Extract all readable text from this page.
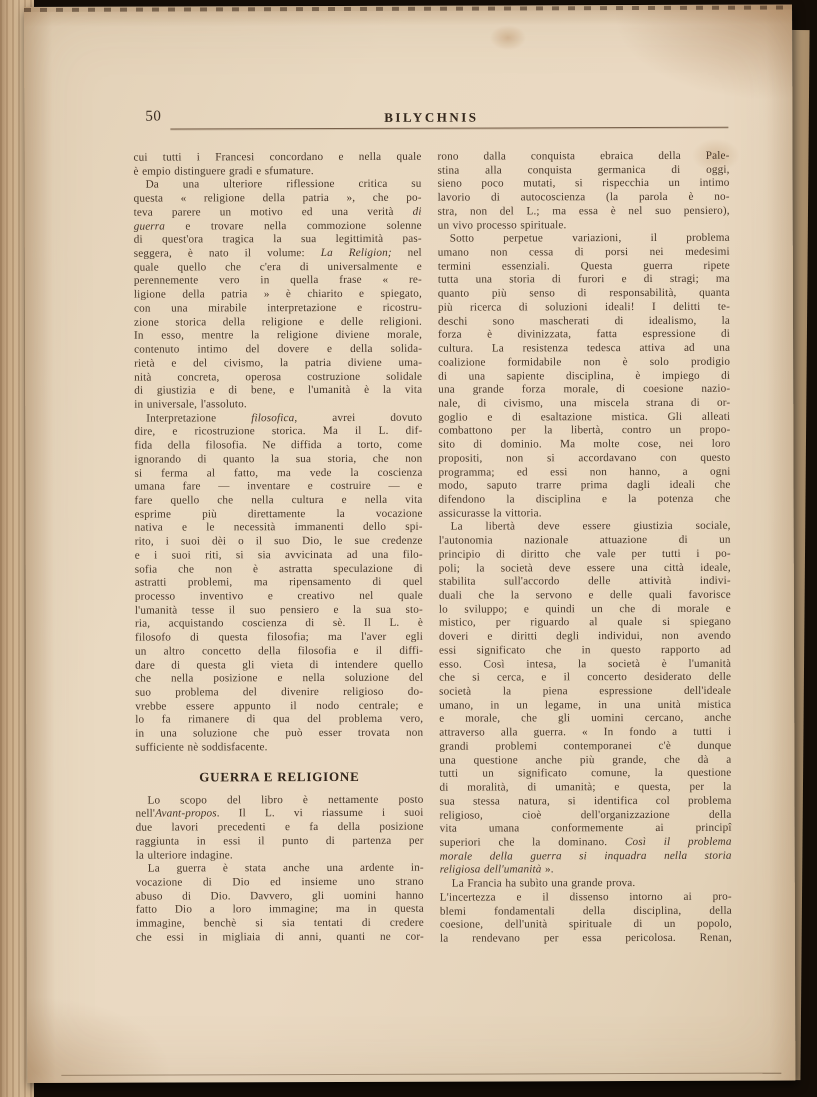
50	BILYCHNIS
cui tutti i Francesi concordano e nella quale
è empio distinguere gradi e sfumature.
Da una ulteriore riflessione critica su
questa « religione della patria », che po-
teva parere un motivo ed una verità di
guerra e trovare nella commozione solenne
di quest'ora tragica la sua legittimità pas-
seggera, è nato il volume: La Religion; nel
quale quello che c'era di universalmente e
perennemente vero in quella frase « re-
ligione della patria » è chiarito e spiegato,
con una mirabile interpretazione e ricostru-
zione storica della religione e delle religioni.
In esso, mentre la religione diviene morale,
contenuto intimo del dovere e della solida-
rietà e del civismo, la patria diviene uma-
nità concreta, operosa costruzione solidale
di giustizia e di bene, e l'umanità è la vita
in universale, l'assoluto.
Interpretazione filosofica, avrei dovuto
dire, e ricostruzione storica. Ma il L. dif-
fida della filosofia. Ne diffida a torto, come
ignorando di quanto la sua storia, che non
si ferma al fatto, ma vede la coscienza
umana fare — inventare e costruire — e
fare quello che nella cultura e nella vita
esprime più direttamente la vocazione
nativa e le necessità immanenti dello spi-
rito, i suoi dèi o il suo Dio, le sue credenze
e i suoi riti, si sia avvicinata ad una filo-
sofia che non è astratta speculazione di
astratti problemi, ma ripensamento di quel
processo inventivo e creativo nel quale
l'umanità tesse il suo pensiero e la sua sto-
ria, acquistando coscienza di sè. Il L. è
filosofo di questa filosofia; ma l'aver egli
un altro concetto della filosofia e il diffi-
dare di questa gli vieta di intendere quello
che nella posizione e nella soluzione del
suo problema del divenire religioso do-
vrebbe essere appunto il nodo centrale; e
lo fa rimanere di qua del problema vero,
in una soluzione che può esser trovata non
sufficiente nè soddisfacente.
GUERRA E RELIGIONE
Lo scopo del libro è nettamente posto
nell'Avant-propos. Il L. vi riassume i suoi
due lavori precedenti e fa della posizione
raggiunta in essi il punto di partenza per
la ulteriore indagine.
La guerra è stata anche una ardente in-
vocazione di Dio ed insieme uno strano
abuso di Dio. Davvero, gli uomini hanno
fatto Dio a loro immagine; ma in questa
immagine, benchè si sia tentati di credere
che essi in migliaia di anni, quanti ne cor-
rono dalla conquista ebraica della Pale-
stina alla conquista germanica di oggi,
sieno poco mutati, si rispecchia un intimo
lavorio di autocoscienza (la parola è no-
stra, non del L.; ma essa è nel suo pensiero),
un vivo processo spirituale.
Sotto perpetue variazioni, il problema
umano non cessa di porsi nei medesimi
termini essenziali. Questa guerra ripete
tutta una storia di furori e di stragi; ma
quanto più senso di responsabilità, quanta
più ricerca di soluzioni ideali! I delitti te-
deschi sono mascherati di idealismo, la
forza è divinizzata, fatta espressione di
cultura. La resistenza tedesca attiva ad una
coalizione formidabile non è solo prodigio
di una sapiente disciplina, è impiego di
una grande forza morale, di coesione nazio-
nale, di civismo, una miscela strana di or-
goglio e di esaltazione mistica. Gli alleati
combattono per la libertà, contro un propo-
sito di dominio. Ma molte cose, nei loro
propositi, non si accordavano con questo
programma; ed essi non hanno, a ogni
modo, saputo trarre prima dagli ideali che
difendono la disciplina e la potenza che
assicurasse la vittoria.
La libertà deve essere giustizia sociale,
l'autonomia nazionale attuazione di un
principio di diritto che vale per tutti i po-
poli; la società deve essere una città ideale,
stabilita sull'accordo delle attività indivi-
duali che la servono e delle quali favorisce
lo sviluppo; e quindi un che di morale e
mistico, per riguardo al quale si spiegano
doveri e diritti degli individui, non avendo
essi significato che in questo rapporto ad
esso. Così intesa, la società è l'umanità
che si cerca, e il concerto desiderato delle
società la piena espressione dell'ideale
umano, in un legame, in una unità mistica
e morale, che gli uomini cercano, anche
attraverso alla guerra. « In fondo a tutti i
grandi problemi contemporanei c'è dunque
una questione anche più grande, che dà a
tutti un significato comune, la questione
di moralità, di umanità; e questa, per la
sua stessa natura, si identifica col problema
religioso, cioè dell'organizzazione della
vita umana conformemente ai principî
superiori che la dominano. Così il problema
morale della guerra si inquadra nella storia
religiosa dell'umanità ».
La Francia ha subìto una grande prova.
L'incertezza e il dissenso intorno ai pro-
blemi fondamentali della disciplina, della
coesione, dell'unità spirituale di un popolo,
la rendevano per essa pericolosa. Renan,
